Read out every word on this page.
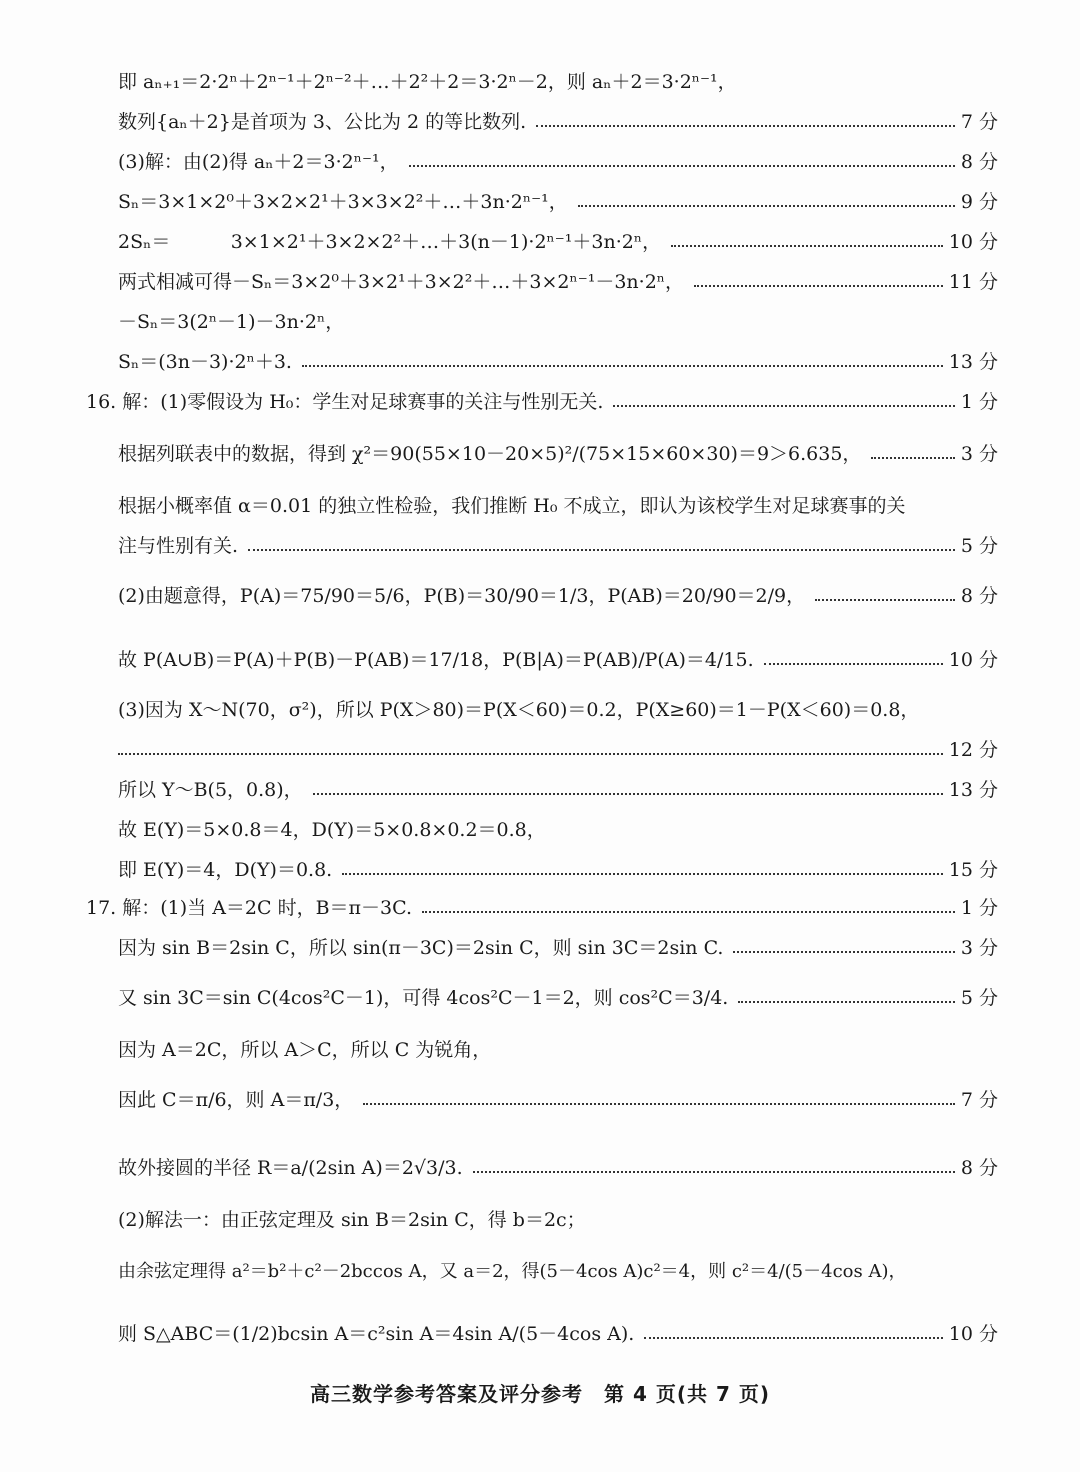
即 aₙ₊₁＝2·2ⁿ＋2ⁿ⁻¹＋2ⁿ⁻²＋…＋2²＋2＝3·2ⁿ－2，则 aₙ＋2＝3·2ⁿ⁻¹，
数列{aₙ＋2}是首项为 3、公比为 2 的等比数列.	7 分
(3)解：由(2)得 aₙ＋2＝3·2ⁿ⁻¹，	8 分
Sₙ＝3×1×2⁰＋3×2×2¹＋3×3×2²＋…＋3n·2ⁿ⁻¹，	9 分
2Sₙ＝          3×1×2¹＋3×2×2²＋…＋3(n－1)·2ⁿ⁻¹＋3n·2ⁿ，	10 分
两式相减可得－Sₙ＝3×2⁰＋3×2¹＋3×2²＋…＋3×2ⁿ⁻¹－3n·2ⁿ，	11 分
－Sₙ＝3(2ⁿ－1)－3n·2ⁿ，
Sₙ＝(3n－3)·2ⁿ＋3.	13 分
16. 解：(1)零假设为 H₀：学生对足球赛事的关注与性别无关.	1 分
根据列联表中的数据，得到 χ²＝90(55×10－20×5)²/(75×15×60×30)＝9＞6.635，	3 分
根据小概率值 α＝0.01 的独立性检验，我们推断 H₀ 不成立，即认为该校学生对足球赛事的关
注与性别有关.	5 分
(2)由题意得，P(A)＝75/90＝5/6，P(B)＝30/90＝1/3，P(AB)＝20/90＝2/9，	8 分
故 P(A∪B)＝P(A)＋P(B)－P(AB)＝17/18，P(B|A)＝P(AB)/P(A)＝4/15.	10 分
(3)因为 X～N(70，σ²)，所以 P(X＞80)＝P(X＜60)＝0.2，P(X≥60)＝1－P(X＜60)＝0.8，
12 分
所以 Y～B(5，0.8)，	13 分
故 E(Y)＝5×0.8＝4，D(Y)＝5×0.8×0.2＝0.8，
即 E(Y)＝4，D(Y)＝0.8.	15 分
17. 解：(1)当 A＝2C 时，B＝π－3C.	1 分
因为 sin B＝2sin C，所以 sin(π－3C)＝2sin C，则 sin 3C＝2sin C.	3 分
又 sin 3C＝sin C(4cos²C－1)，可得 4cos²C－1＝2，则 cos²C＝3/4.	5 分
因为 A＝2C，所以 A＞C，所以 C 为锐角，
因此 C＝π/6，则 A＝π/3，	7 分
故外接圆的半径 R＝a/(2sin A)＝2√3/3.	8 分
(2)解法一：由正弦定理及 sin B＝2sin C，得 b＝2c；
由余弦定理得 a²＝b²＋c²－2bccos A，又 a＝2，得(5－4cos A)c²＝4，则 c²＝4/(5－4cos A)，
则 S△ABC＝(1/2)bcsin A＝c²sin A＝4sin A/(5－4cos A).	10 分
高三数学参考答案及评分参考　第 4 页(共 7 页)
